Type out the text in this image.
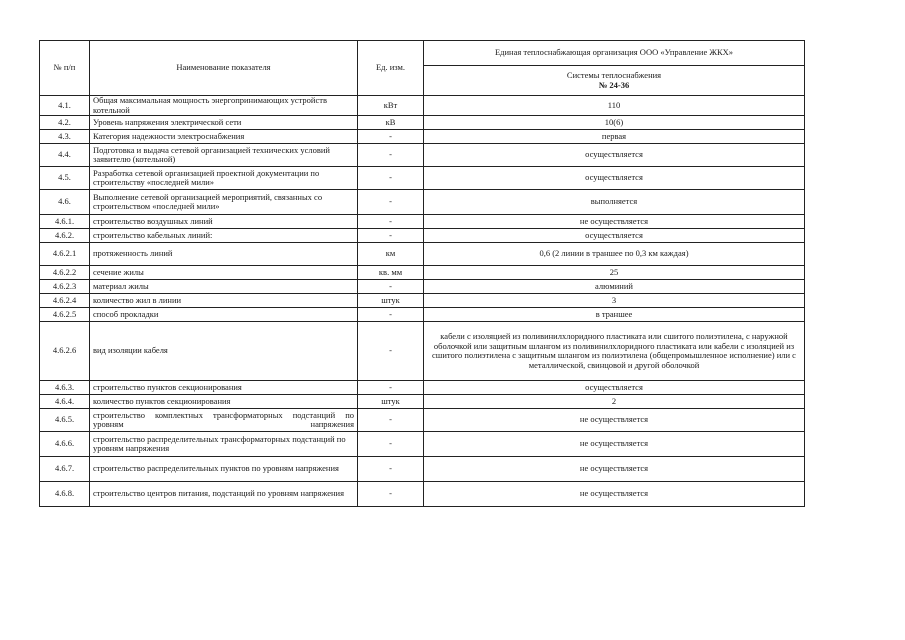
№ п/п	Наименование показателя	Ед. изм.	Единая теплоснабжающая организация ООО «Управление ЖКХ»

			Системы теплоснабжения
№ 24-36

4.1.	Общая максимальная мощность энергопринимающих устройств котельной	кВт	110
4.2.	Уровень напряжения электрической сети	кВ	10(6)
4.3.	Категория надежности электроснабжения	-	первая
4.4.	Подготовка и выдача сетевой организацией технических условий заявителю (котельной)	-	осуществляется
4.5.	Разработка сетевой организацией проектной документации по строительству «последней мили»	-	осуществляется
4.6.	Выполнение сетевой организацией мероприятий, связанных со строительством «последней мили»	-	выполняется
4.6.1.	строительство воздушных линий	-	не осуществляется
4.6.2.	строительство кабельных линий:	-	осуществляется
4.6.2.1	протяженность линий	км	0,6 (2 линии в траншее по 0,3 км каждая)
4.6.2.2	сечение жилы	кв. мм	25
4.6.2.3	материал жилы	-	алюминий
4.6.2.4	количество жил в линии	штук	3
4.6.2.5	способ прокладки	-	в траншее
4.6.2.6	вид изоляции кабеля	-	кабели с изоляцией из поливинилхлоридного пластиката или сшитого полиэтилена, с наружной оболочкой или защитным шлангом из поливинилхлоридного пластиката или кабели с изоляцией из сшитого полиэтилена с защитным шлангом из полиэтилена (общепромышленное исполнение) или с металлической, свинцовой и другой оболочкой
4.6.3.	строительство пунктов секционирования	-	осуществляется
4.6.4.	количество пунктов секционирования	штук	2
4.6.5.	строительство комплектных трансформаторных подстанций по уровням напряжения	-	не осуществляется
4.6.6.	строительство распределительных трансформаторных подстанций по уровням напряжения	-	не осуществляется
4.6.7.	строительство распределительных пунктов по уровням напряжения	-	не осуществляется
4.6.8.	строительство центров питания, подстанций по уровням напряжения	-	не осуществляется
